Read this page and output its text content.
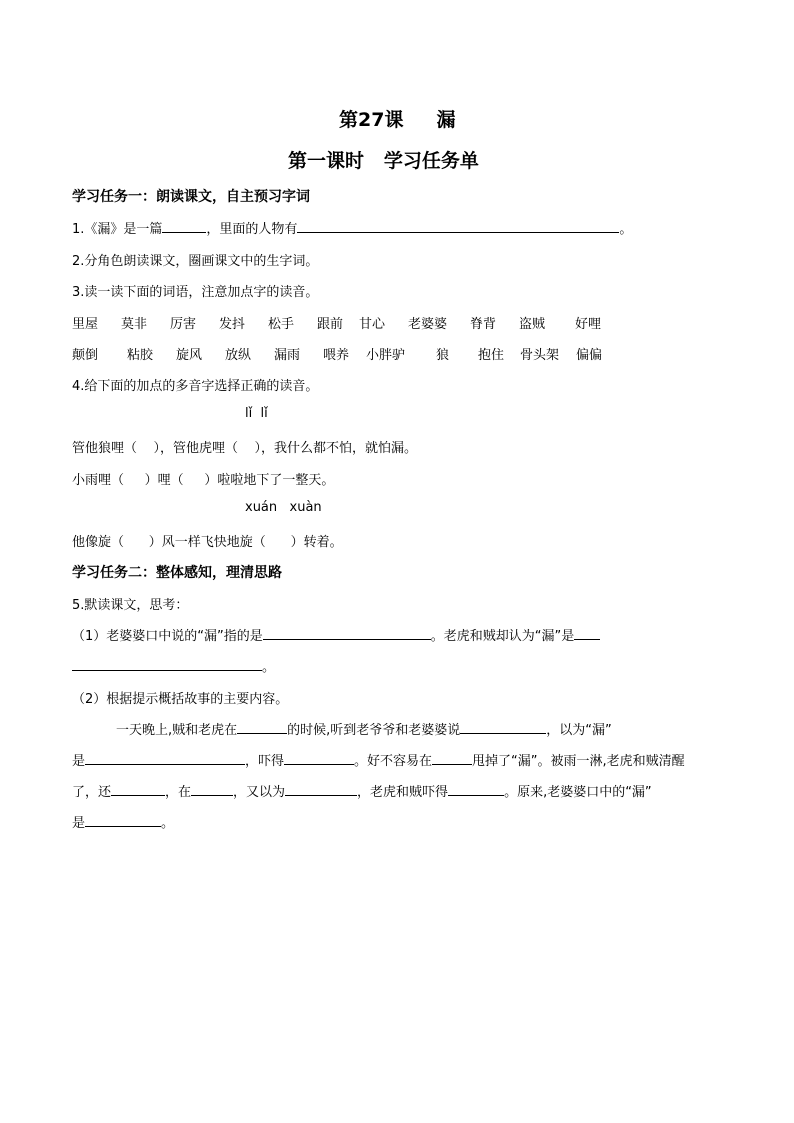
第27课     漏
第一课时   学习任务单
学习任务一：朗读课文，自主预习字词
1.《漏》是一篇	，里面的人物有	。
2.分角色朗读课文，圈画课文中的生字词。
3.读一读下面的词语，注意加点字的读音。
里屋 莫非 厉害 发抖 松手 跟前 甘心 老婆婆 脊背 盗贼 好哩
颠倒 粘胶 旋风 放纵 漏雨 喂养 小胖驴 狼 抱住 骨头架 偏偏
4.给下面的加点的多音字选择正确的读音。
lǐ  lǐ
管他狼哩（    ），管他虎哩（    ），我什么都不怕，就怕漏。
小雨哩（     ）哩（     ）啦啦地下了一整天。
xuán   xuàn
他像旋（      ）风一样飞快地旋（      ）转着。
学习任务二：整体感知，理清思路
5.默读课文，思考：
（1）老婆婆口中说的“漏”指的是	。老虎和贼却认为“漏”是
。
（2）根据提示概括故事的主要内容。
一天晚上,贼和老虎在	的时候,听到老爷爷和老婆婆说	，以为“漏”
是	，吓得	。好不容易在	甩掉了“漏”。被雨一淋,老虎和贼清醒
了，还	，在	，又以为	，老虎和贼吓得	。原来,老婆婆口中的“漏”
是	。
